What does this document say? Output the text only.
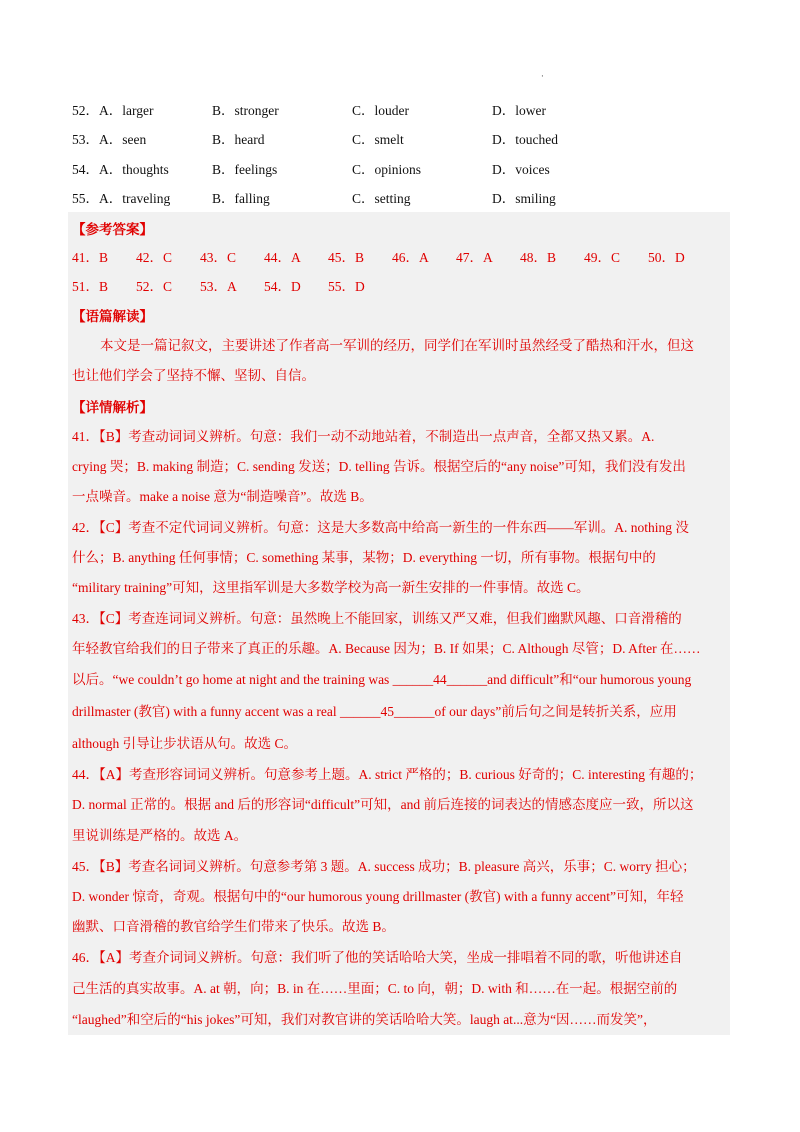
·
52．A．larger	B．stronger	C．louder	D．lower
53．A．seen	B．heard	C．smelt	D．touched
54．A．thoughts	B．feelings	C．opinions	D．voices
55．A．traveling	B．falling	C．setting	D．smiling
【参考答案】
41．B	42．C	43．C	44．A	45．B	46．A	47．A	48．B	49．C	50．D
51．B	52．C	53．A	54．D	55．D
【语篇解读】
本文是一篇记叙文，主要讲述了作者高一军训的经历，同学们在军训时虽然经受了酷热和汗水，但这
也让他们学会了坚持不懈、坚韧、自信。
【详情解析】
41．【B】考查动词词义辨析。句意：我们一动不动地站着，不制造出一点声音，全都又热又累。A.
crying 哭；B. making 制造；C. sending 发送；D. telling 告诉。根据空后的“any noise”可知，我们没有发出
一点噪音。make a noise 意为“制造噪音”。故选 B。
42．【C】考查不定代词词义辨析。句意：这是大多数高中给高一新生的一件东西——军训。A. nothing 没
什么；B. anything 任何事情；C. something 某事，某物；D. everything 一切，所有事物。根据句中的
“military training”可知，这里指军训是大多数学校为高一新生安排的一件事情。故选 C。
43．【C】考查连词词义辨析。句意：虽然晚上不能回家，训练又严又难，但我们幽默风趣、口音滑稽的
年轻教官给我们的日子带来了真正的乐趣。A. Because 因为；B. If 如果；C. Although 尽管；D. After 在……
以后。“we couldn’t go home at night and the training was ______44______and difficult”和“our humorous young
drillmaster (教官) with a funny accent was a real ______45______of our days”前后句之间是转折关系，应用
although 引导让步状语从句。故选 C。
44．【A】考查形容词词义辨析。句意参考上题。A. strict 严格的；B. curious 好奇的；C. interesting 有趣的；
D. normal 正常的。根据 and 后的形容词“difficult”可知，and 前后连接的词表达的情感态度应一致，所以这
里说训练是严格的。故选 A。
45．【B】考查名词词义辨析。句意参考第 3 题。A. success 成功；B. pleasure 高兴，乐事；C. worry 担心；
D. wonder 惊奇，奇观。根据句中的“our humorous young drillmaster (教官) with a funny accent”可知，年轻
幽默、口音滑稽的教官给学生们带来了快乐。故选 B。
46．【A】考查介词词义辨析。句意：我们听了他的笑话哈哈大笑，坐成一排唱着不同的歌，听他讲述自
己生活的真实故事。A. at 朝，向；B. in 在……里面；C. to 向，朝；D. with 和……在一起。根据空前的
“laughed”和空后的“his jokes”可知，我们对教官讲的笑话哈哈大笑。laugh at...意为“因……而发笑”，
